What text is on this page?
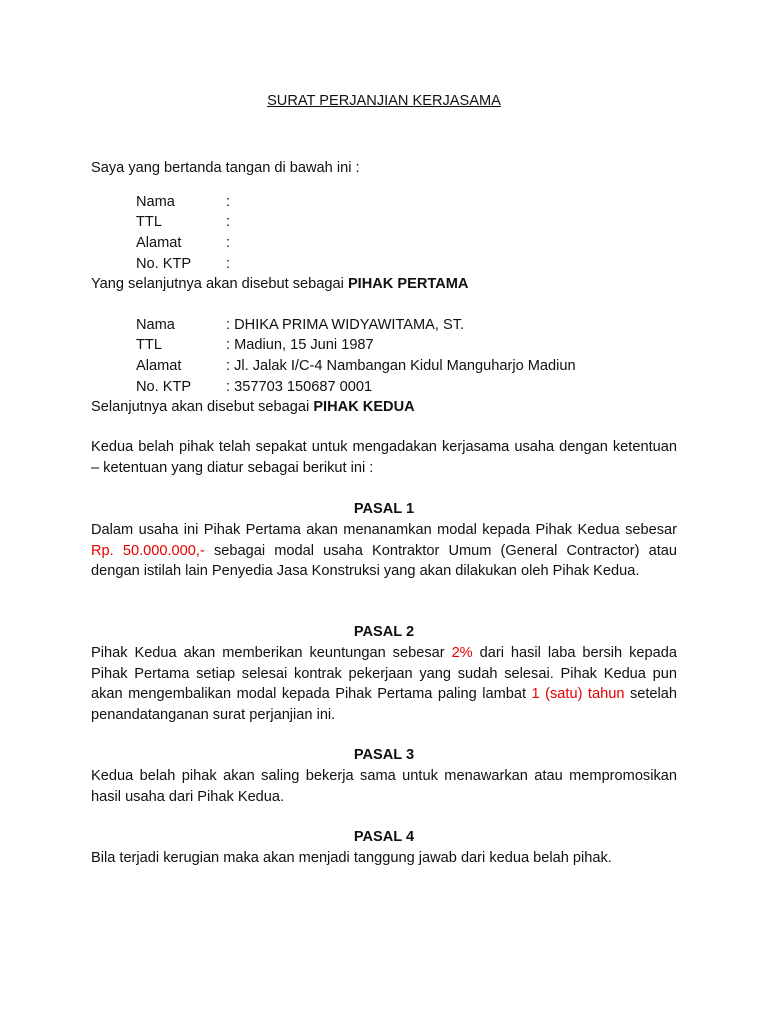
SURAT PERJANJIAN KERJASAMA
Saya yang bertanda tangan di bawah ini :
Nama	:
TTL	:
Alamat	:
No. KTP :
Yang selanjutnya akan disebut sebagai PIHAK PERTAMA
Nama	: DHIKA PRIMA WIDYAWITAMA, ST.
TTL	: Madiun, 15 Juni 1987
Alamat	: Jl. Jalak I/C-4 Nambangan Kidul Manguharjo Madiun
No. KTP : 357703 150687 0001
Selanjutnya akan disebut sebagai PIHAK KEDUA
Kedua belah pihak telah sepakat untuk mengadakan kerjasama usaha dengan ketentuan – ketentuan yang diatur sebagai berikut ini :
PASAL 1
Dalam usaha ini Pihak Pertama akan menanamkan modal kepada Pihak Kedua sebesar Rp. 50.000.000,- sebagai modal usaha Kontraktor Umum (General Contractor) atau dengan istilah lain Penyedia Jasa Konstruksi yang akan dilakukan oleh Pihak Kedua.
PASAL 2
Pihak Kedua akan memberikan keuntungan sebesar 2% dari hasil laba bersih kepada Pihak Pertama setiap selesai kontrak pekerjaan yang sudah selesai. Pihak Kedua pun akan mengembalikan modal kepada Pihak Pertama paling lambat 1 (satu) tahun setelah penandatanganan surat perjanjian ini.
PASAL 3
Kedua belah pihak akan saling bekerja sama untuk menawarkan atau mempromosikan hasil usaha dari Pihak Kedua.
PASAL 4
Bila terjadi kerugian maka akan menjadi tanggung jawab dari kedua belah pihak.
